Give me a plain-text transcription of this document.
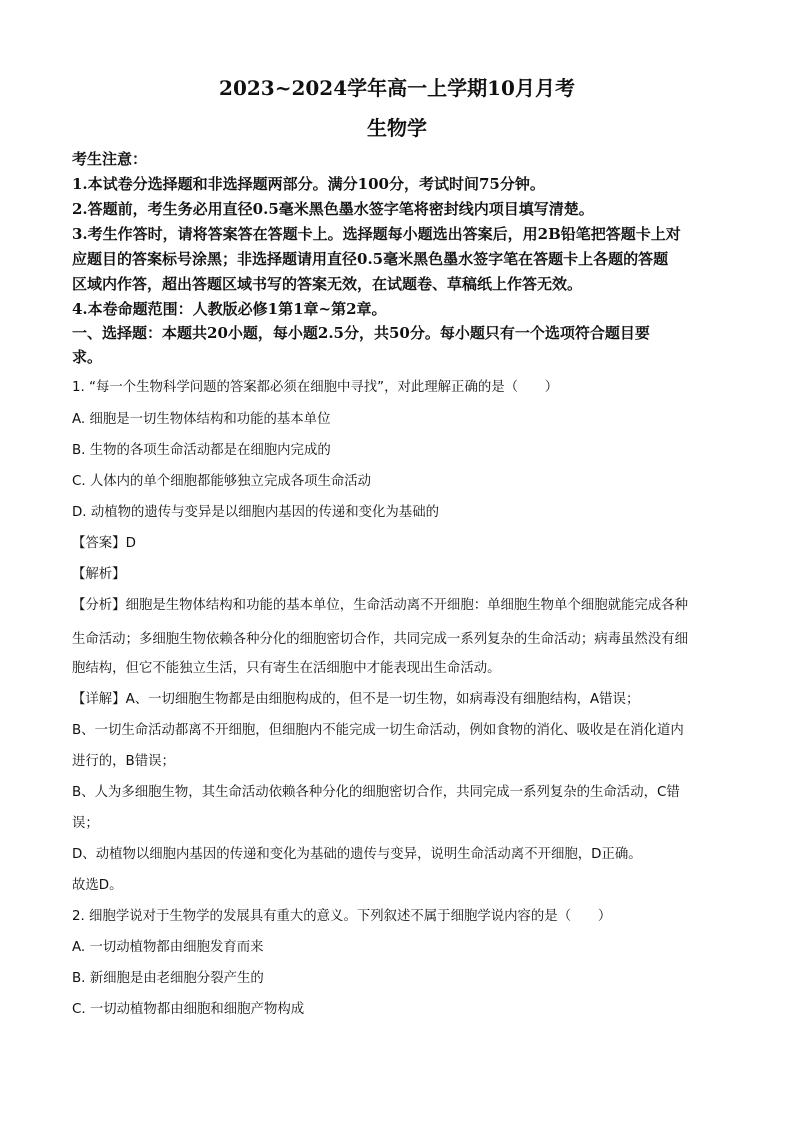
2023~2024学年高一上学期10月月考
生物学
考生注意：
1.本试卷分选择题和非选择题两部分。满分100分，考试时间75分钟。
2.答题前，考生务必用直径0.5毫米黑色墨水签字笔将密封线内项目填写清楚。
3.考生作答时，请将答案答在答题卡上。选择题每小题选出答案后，用2B铅笔把答题卡上对
应题目的答案标号涂黑；非选择题请用直径0.5毫米黑色墨水签字笔在答题卡上各题的答题
区域内作答，超出答题区域书写的答案无效，在试题卷、草稿纸上作答无效。
4.本卷命题范围：人教版必修1第1章~第2章。
一、选择题：本题共20小题，每小题2.5分，共50分。每小题只有一个选项符合题目要
求。
1. “每一个生物科学问题的答案都必须在细胞中寻找”，对此理解正确的是（　　）
A. 细胞是一切生物体结构和功能的基本单位
B. 生物的各项生命活动都是在细胞内完成的
C. 人体内的单个细胞都能够独立完成各项生命活动
D. 动植物的遗传与变异是以细胞内基因的传递和变化为基础的
【答案】D
【解析】
【分析】细胞是生物体结构和功能的基本单位，生命活动离不开细胞：单细胞生物单个细胞就能完成各种
生命活动；多细胞生物依赖各种分化的细胞密切合作，共同完成一系列复杂的生命活动；病毒虽然没有细
胞结构，但它不能独立生活，只有寄生在活细胞中才能表现出生命活动。
【详解】A、一切细胞生物都是由细胞构成的，但不是一切生物，如病毒没有细胞结构，A错误；
B、一切生命活动都离不开细胞，但细胞内不能完成一切生命活动，例如食物的消化、吸收是在消化道内
进行的，B错误；
B、人为多细胞生物，其生命活动依赖各种分化的细胞密切合作，共同完成一系列复杂的生命活动，C错
误；
D、动植物以细胞内基因的传递和变化为基础的遗传与变异，说明生命活动离不开细胞，D正确。
故选D。
2. 细胞学说对于生物学的发展具有重大的意义。下列叙述不属于细胞学说内容的是（　　）
A. 一切动植物都由细胞发育而来
B. 新细胞是由老细胞分裂产生的
C. 一切动植物都由细胞和细胞产物构成
